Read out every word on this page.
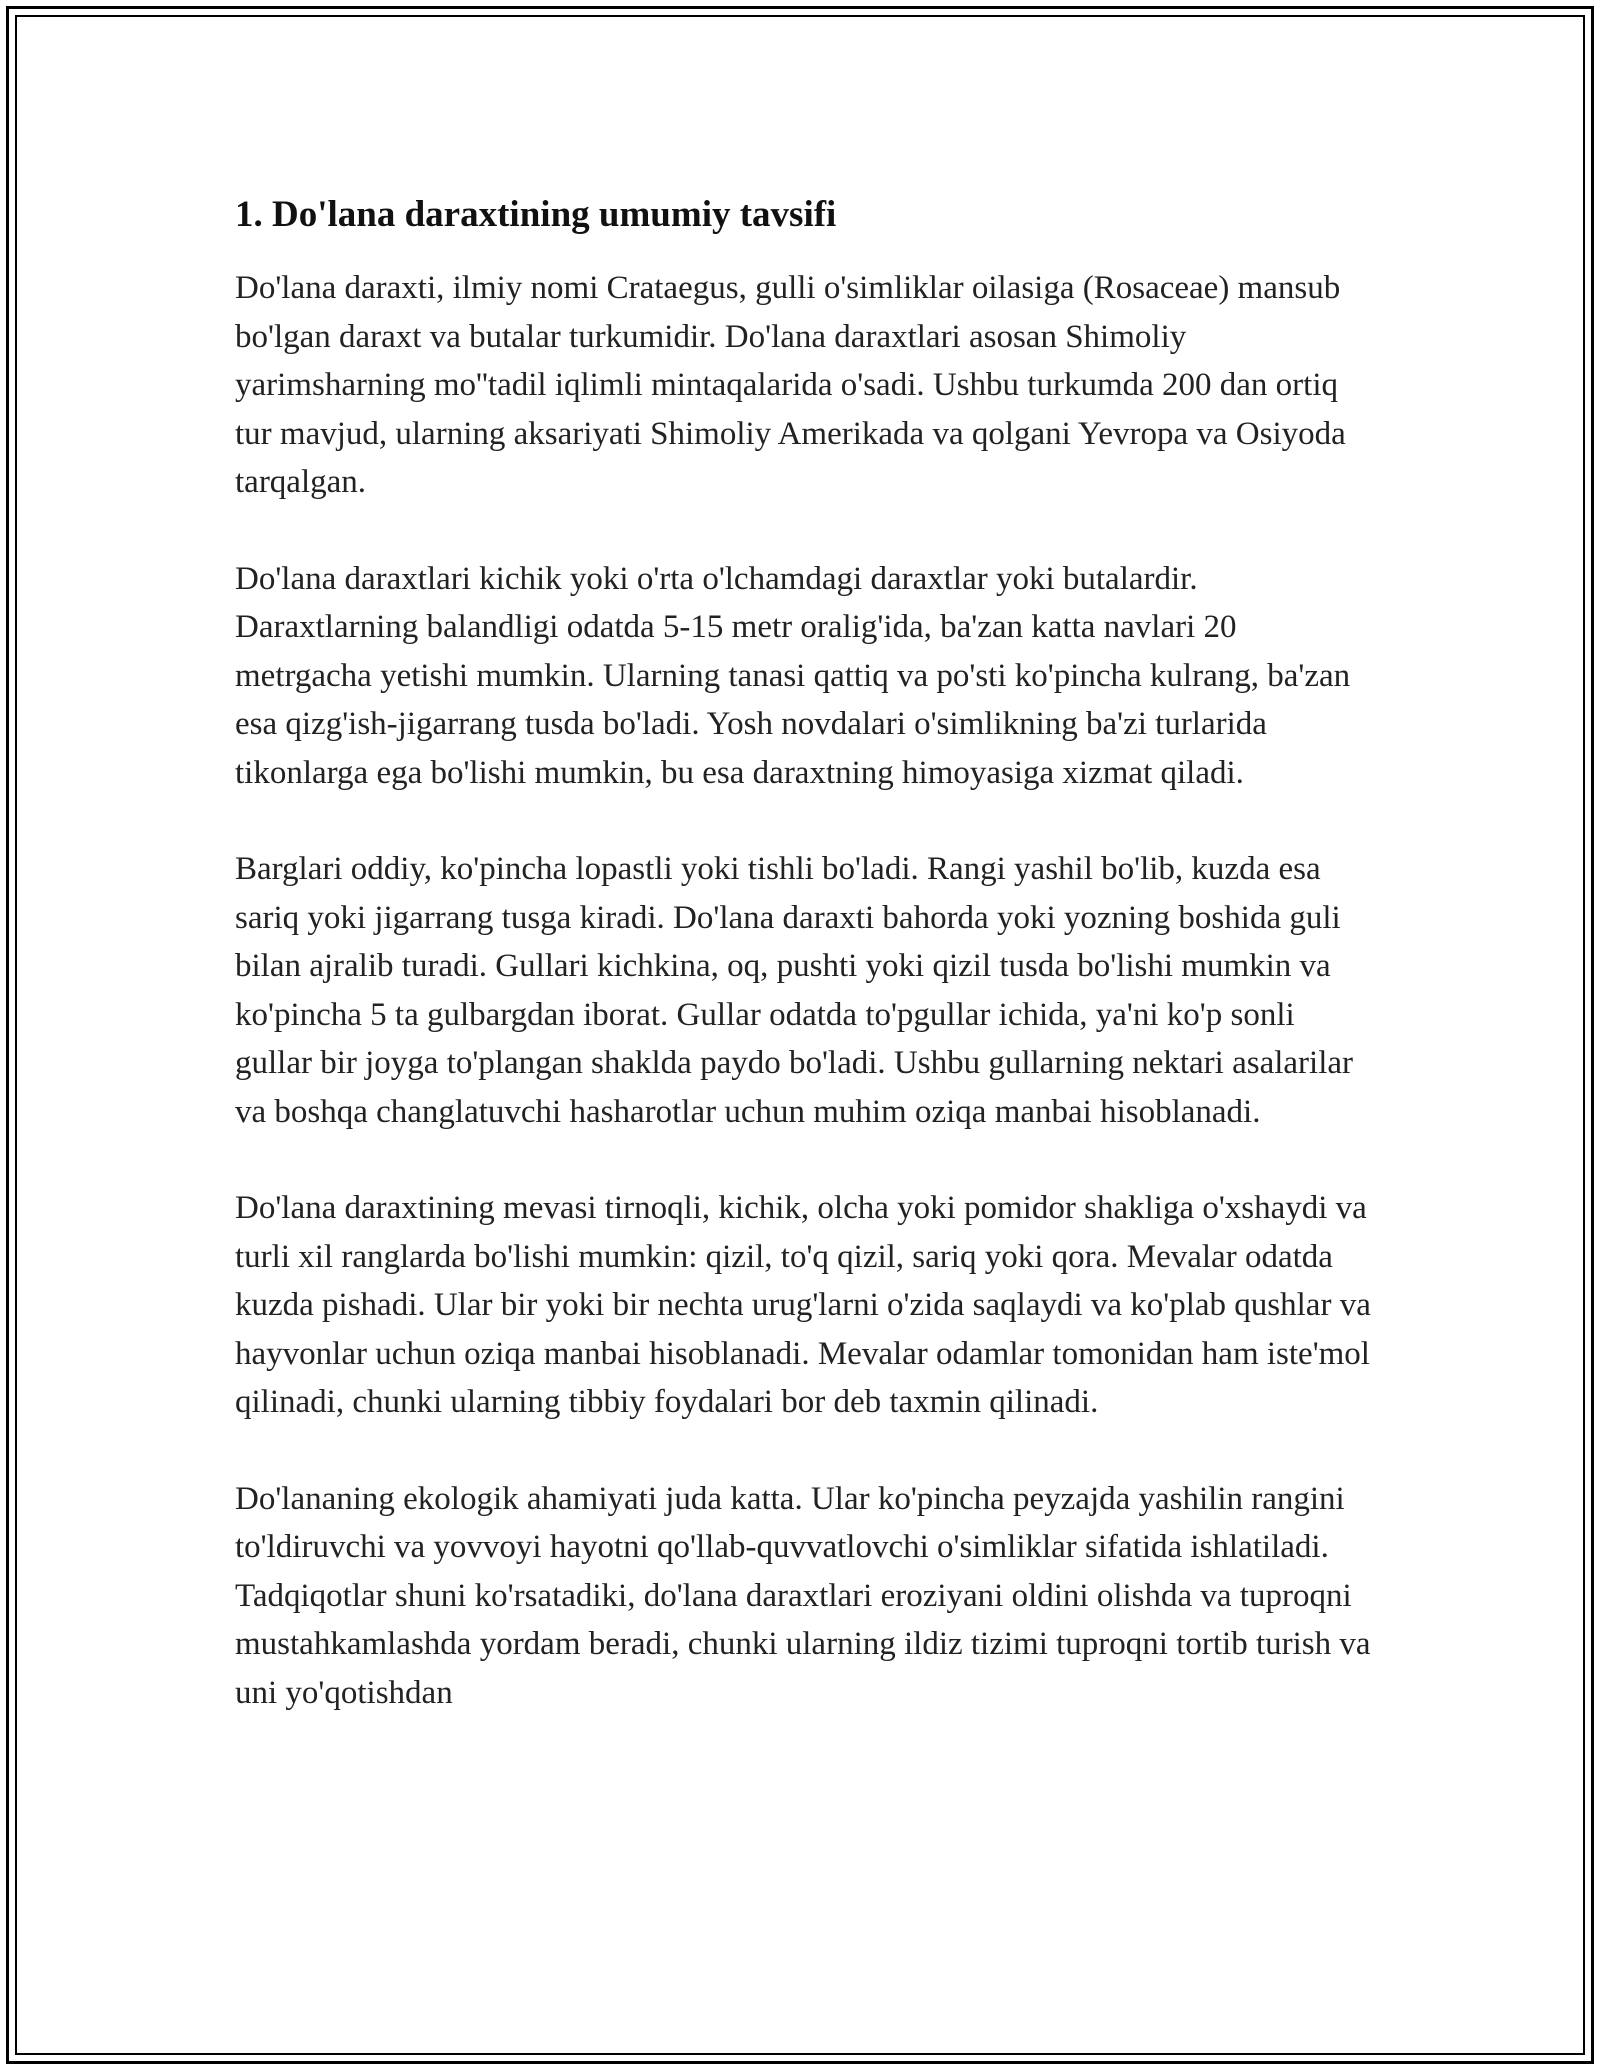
1. Do'lana daraxtining umumiy tavsifi

Do'lana daraxti, ilmiy nomi Crataegus, gulli o'simliklar oilasiga (Rosaceae) mansub bo'lgan daraxt va butalar turkumidir. Do'lana daraxtlari asosan Shimoliy yarimsharning mo''tadil iqlimli mintaqalarida o'sadi. Ushbu turkumda 200 dan ortiq tur mavjud, ularning aksariyati Shimoliy Amerikada va qolgani Yevropa va Osiyoda tarqalgan.

Do'lana daraxtlari kichik yoki o'rta o'lchamdagi daraxtlar yoki butalardir. Daraxtlarning balandligi odatda 5-15 metr oralig'ida, ba'zan katta navlari 20 metrgacha yetishi mumkin. Ularning tanasi qattiq va po'sti ko'pincha kulrang, ba'zan esa qizg'ish-jigarrang tusda bo'ladi. Yosh novdalari o'simlikning ba'zi turlarida tikonlarga ega bo'lishi mumkin, bu esa daraxtning himoyasiga xizmat qiladi.

Barglari oddiy, ko'pincha lopastli yoki tishli bo'ladi. Rangi yashil bo'lib, kuzda esa sariq yoki jigarrang tusga kiradi. Do'lana daraxti bahorda yoki yozning boshida guli bilan ajralib turadi. Gullari kichkina, oq, pushti yoki qizil tusda bo'lishi mumkin va ko'pincha 5 ta gulbargdan iborat. Gullar odatda to'pgullar ichida, ya'ni ko'p sonli gullar bir joyga to'plangan shaklda paydo bo'ladi. Ushbu gullarning nektari asalarilar va boshqa changlatuvchi hasharotlar uchun muhim oziqa manbai hisoblanadi.

Do'lana daraxtining mevasi tirnoqli, kichik, olcha yoki pomidor shakliga o'xshaydi va turli xil ranglarda bo'lishi mumkin: qizil, to'q qizil, sariq yoki qora. Mevalar odatda kuzda pishadi. Ular bir yoki bir nechta urug'larni o'zida saqlaydi va ko'plab qushlar va hayvonlar uchun oziqa manbai hisoblanadi. Mevalar odamlar tomonidan ham iste'mol qilinadi, chunki ularning tibbiy foydalari bor deb taxmin qilinadi.

Do'lananing ekologik ahamiyati juda katta. Ular ko'pincha peyzajda yashilin rangini to'ldiruvchi va yovvoyi hayotni qo'llab-quvvatlovchi o'simliklar sifatida ishlatiladi. Tadqiqotlar shuni ko'rsatadiki, do'lana daraxtlari eroziyani oldini olishda va tuproqni mustahkamlashda yordam beradi, chunki ularning ildiz tizimi tuproqni tortib turish va uni yo'qotishdan
